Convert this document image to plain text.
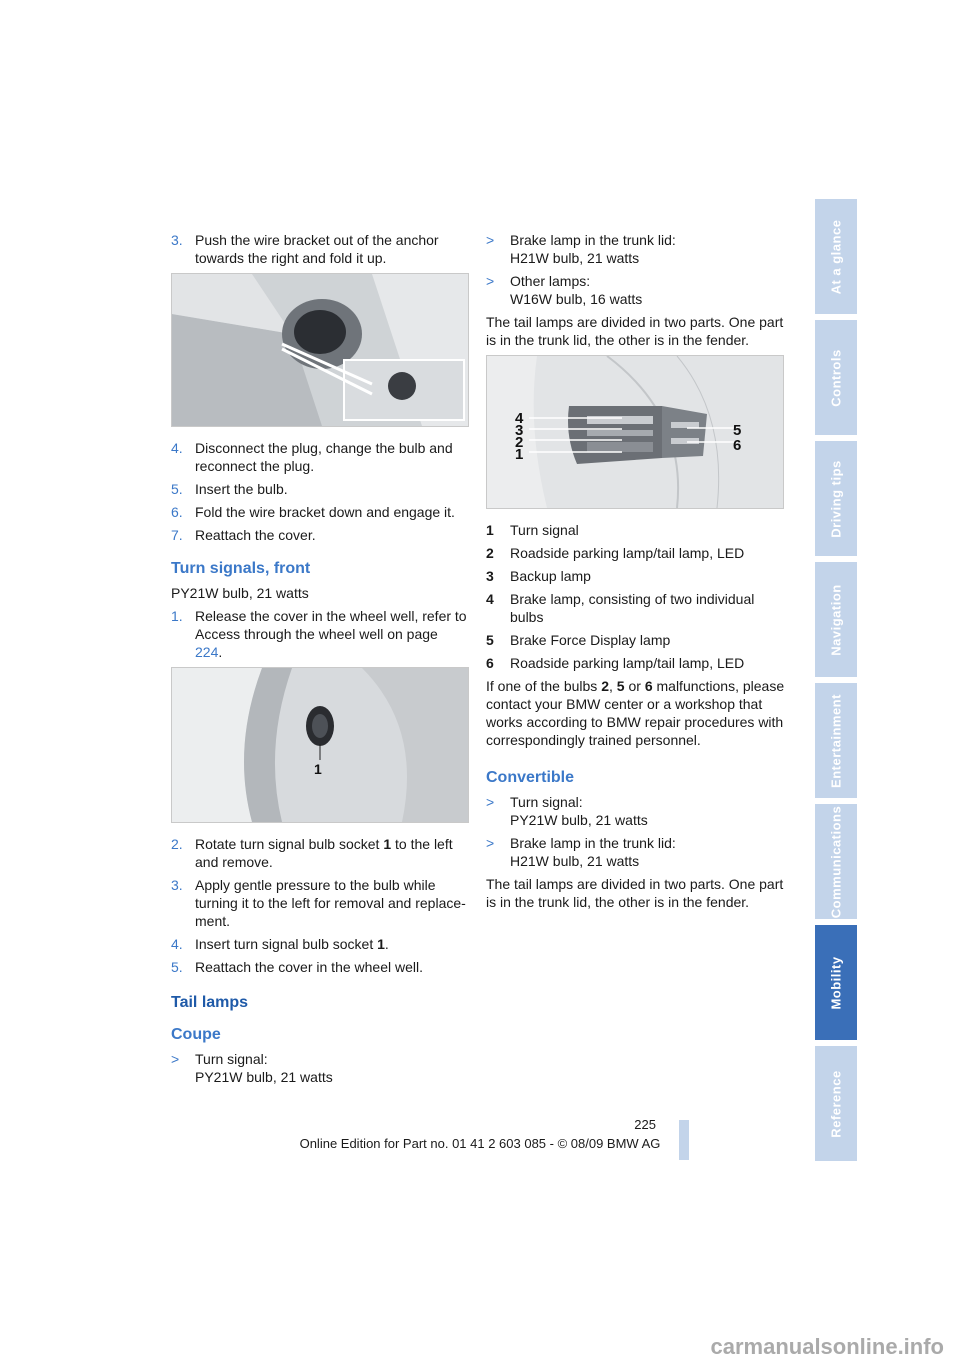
3. Push the wire bracket out of the anchor towards the right and fold it up.
4. Disconnect the plug, change the bulb and reconnect the plug.
5. Insert the bulb.
6. Fold the wire bracket down and engage it.
7. Reattach the cover.
Turn signals, front

PY21W bulb, 21 watts

1. Release the cover in the wheel well, refer to Access through the wheel well on page 224.
1
2. Rotate turn signal bulb socket 1 to the left and remove.
3. Apply gentle pressure to the bulb while turning it to the left for removal and replacement.
4. Insert turn signal bulb socket 1.
5. Reattach the cover in the wheel well.
Tail lamps
Coupe
> Turn signal:
PY21W bulb, 21 watts
> Brake lamp in the trunk lid:
H21W bulb, 21 watts
> Other lamps:
W16W bulb, 16 watts

The tail lamps are divided in two parts. One part is in the trunk lid, the other is in the fender.

4
3
2
1
5
6
1 Turn signal
2 Roadside parking lamp/tail lamp, LED
3 Backup lamp
4 Brake lamp, consisting of two individual bulbs
5 Brake Force Display lamp
6 Roadside parking lamp/tail lamp, LED

If one of the bulbs 2, 5 or 6 malfunctions, please contact your BMW center or a workshop that works according to BMW repair procedures with correspondingly trained personnel.

Convertible
> Turn signal:
PY21W bulb, 21 watts
> Brake lamp in the trunk lid:
H21W bulb, 21 watts

The tail lamps are divided in two parts. One part is in the trunk lid, the other is in the fender.

At a glance
Controls
Driving tips
Navigation
Entertainment
Communications
Mobility
Reference
225
Online Edition for Part no. 01 41 2 603 085 - © 08/09 BMW AG
carmanualsonline.info
